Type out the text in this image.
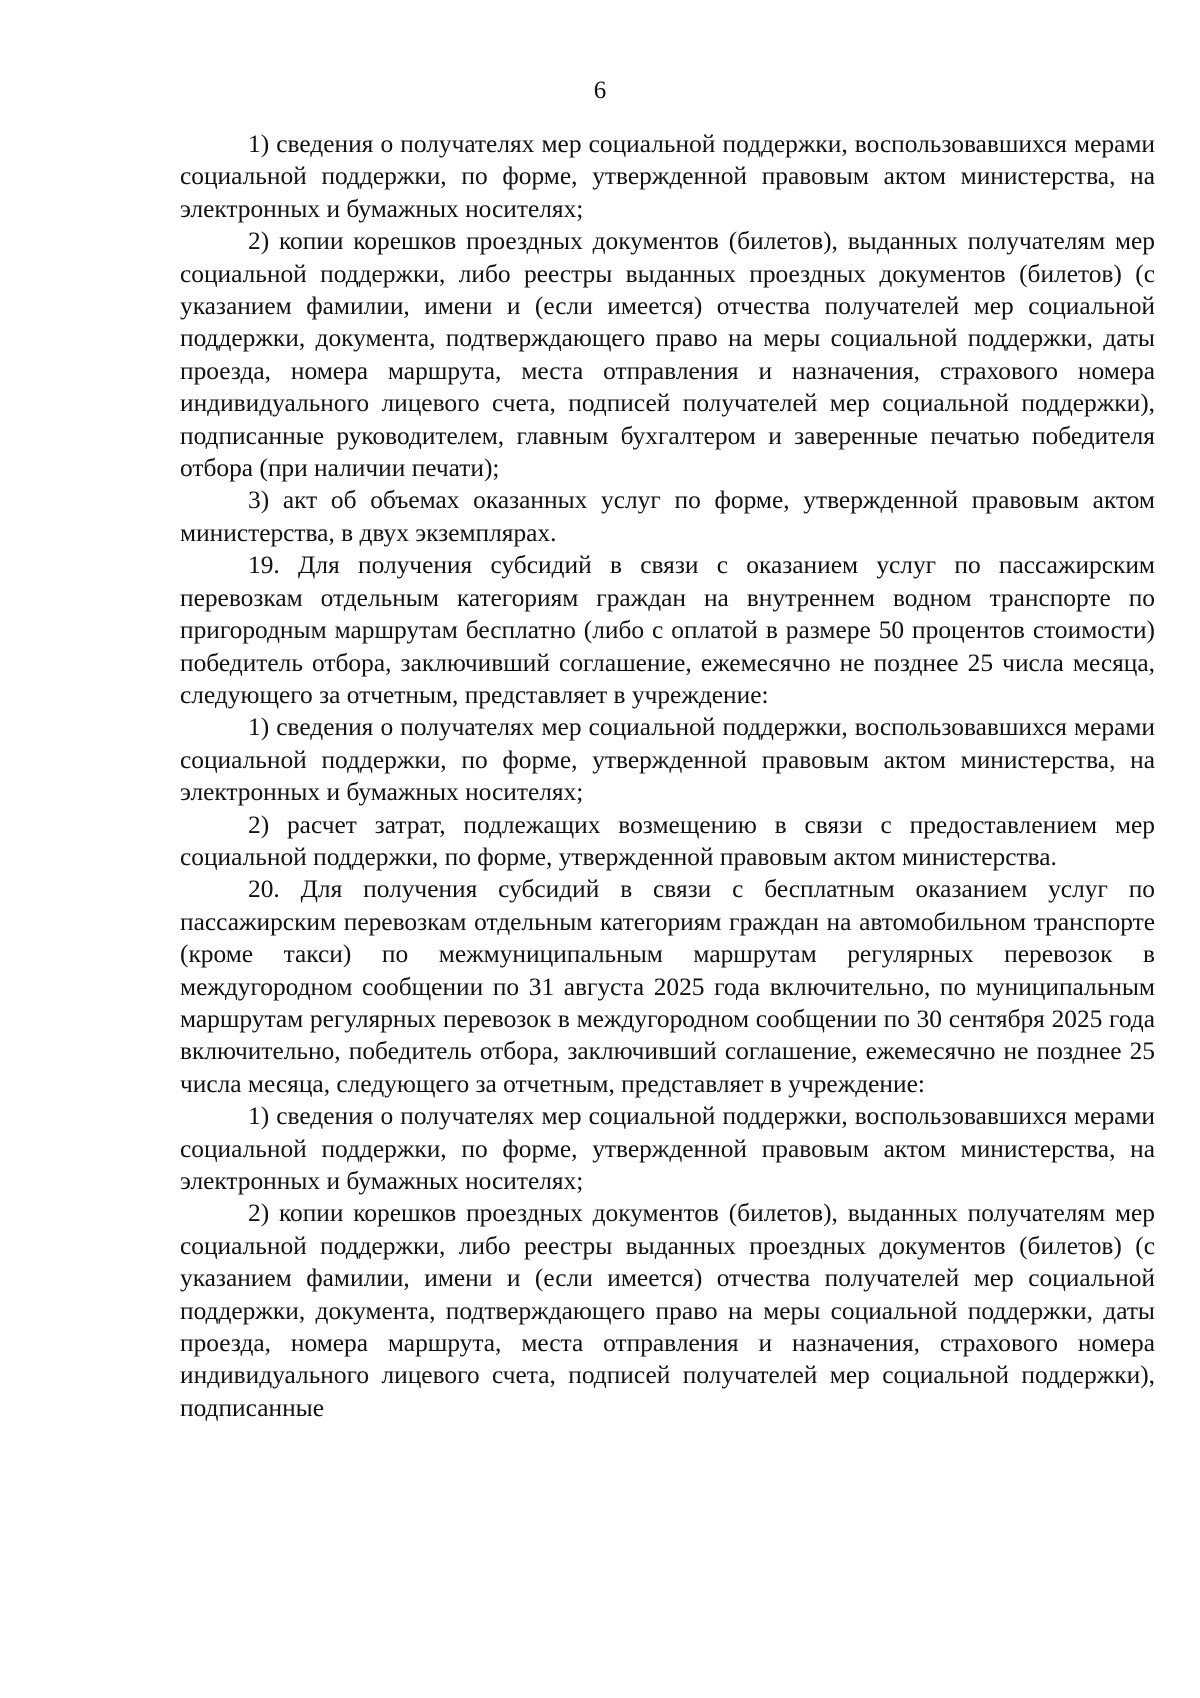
6

1) сведения о получателях мер социальной поддержки, воспользовавшихся мерами социальной поддержки, по форме, утвержденной правовым актом министерства, на электронных и бумажных носителях;

2) копии корешков проездных документов (билетов), выданных получателям мер социальной поддержки, либо реестры выданных проездных документов (билетов) (с указанием фамилии, имени и (если имеется) отчества получателей мер социальной поддержки, документа, подтверждающего право на меры социальной поддержки, даты проезда, номера маршрута, места отправления и назначения, страхового номера индивидуального лицевого счета, подписей получателей мер социальной поддержки), подписанные руководителем, главным бухгалтером и заверенные печатью победителя отбора (при наличии печати);

3) акт об объемах оказанных услуг по форме, утвержденной правовым актом министерства, в двух экземплярах.

19. Для получения субсидий в связи с оказанием услуг по пассажирским перевозкам отдельным категориям граждан на внутреннем водном транспорте по пригородным маршрутам бесплатно (либо с оплатой в размере 50 процентов стоимости) победитель отбора, заключивший соглашение, ежемесячно не позднее 25 числа месяца, следующего за отчетным, представляет в учреждение:

1) сведения о получателях мер социальной поддержки, воспользовавшихся мерами социальной поддержки, по форме, утвержденной правовым актом министерства, на электронных и бумажных носителях;

2) расчет затрат, подлежащих возмещению в связи с предоставлением мер социальной поддержки, по форме, утвержденной правовым актом министерства.

20. Для получения субсидий в связи с бесплатным оказанием услуг по пассажирским перевозкам отдельным категориям граждан на автомобильном транспорте (кроме такси) по межмуниципальным маршрутам регулярных перевозок в междугородном сообщении по 31 августа 2025 года включительно, по муниципальным маршрутам регулярных перевозок в междугородном сообщении по 30 сентября 2025 года включительно, победитель отбора, заключивший соглашение, ежемесячно не позднее 25 числа месяца, следующего за отчетным, представляет в учреждение:

1) сведения о получателях мер социальной поддержки, воспользовавшихся мерами социальной поддержки, по форме, утвержденной правовым актом министерства, на электронных и бумажных носителях;

2) копии корешков проездных документов (билетов), выданных получателям мер социальной поддержки, либо реестры выданных проездных документов (билетов) (с указанием фамилии, имени и (если имеется) отчества получателей мер социальной поддержки, документа, подтверждающего право на меры социальной поддержки, даты проезда, номера маршрута, места отправления и назначения, страхового номера индивидуального лицевого счета, подписей получателей мер социальной поддержки), подписанные
